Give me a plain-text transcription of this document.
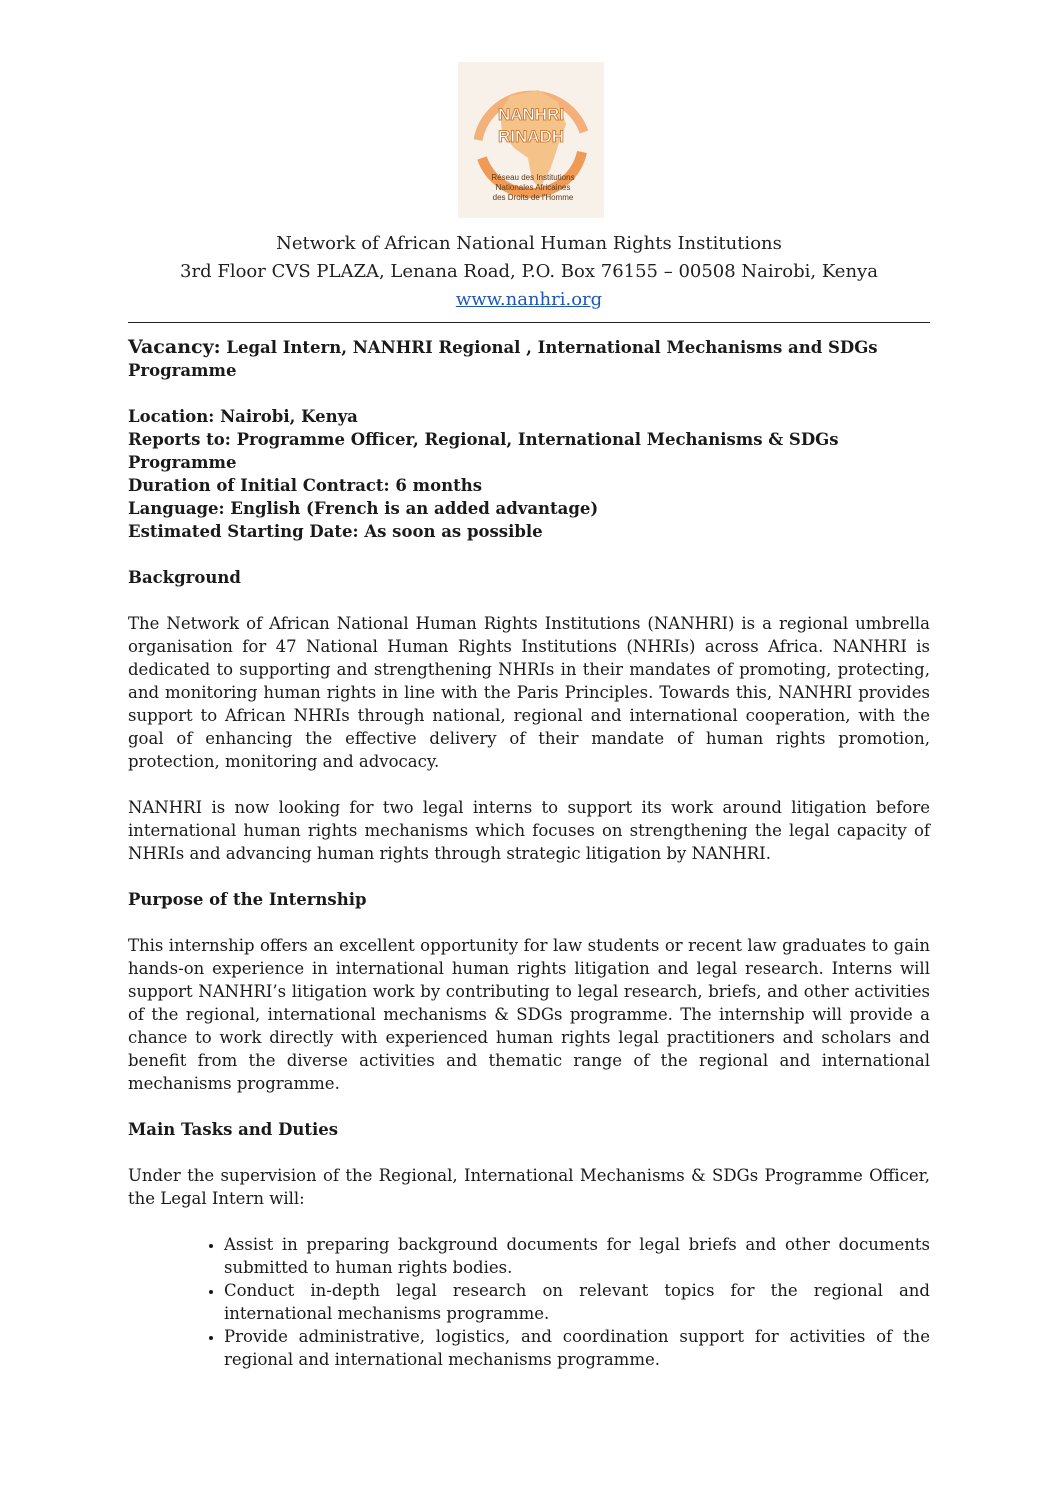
NANHRI
RINADH
Réseau des Institutions
Nationales Africaines
des Droits de l'Homme
Network of African National Human Rights Institutions
3rd Floor CVS PLAZA, Lenana Road, P.O. Box 76155 – 00508 Nairobi, Kenya
www.nanhri.org
Vacancy: Legal Intern, NANHRI Regional , International Mechanisms and SDGs Programme
Location: Nairobi, Kenya
Reports to: Programme Officer, Regional, International Mechanisms & SDGs Programme
Duration of Initial Contract: 6 months
Language: English (French is an added advantage)
Estimated Starting Date: As soon as possible
Background

The Network of African National Human Rights Institutions (NANHRI) is a regional umbrella organisation for 47 National Human Rights Institutions (NHRIs) across Africa. NANHRI is dedicated to supporting and strengthening NHRIs in their mandates of promoting, protecting, and monitoring human rights in line with the Paris Principles. Towards this, NANHRI provides support to African NHRIs through national, regional and international cooperation, with the goal of enhancing the effective delivery of their mandate of human rights promotion, protection, monitoring and advocacy.

NANHRI is now looking for two legal interns to support its work around litigation before international human rights mechanisms which focuses on strengthening the legal capacity of NHRIs and advancing human rights through strategic litigation by NANHRI.

Purpose of the Internship

This internship offers an excellent opportunity for law students or recent law graduates to gain hands-on experience in international human rights litigation and legal research. Interns will support NANHRI’s litigation work by contributing to legal research, briefs, and other activities of the regional, international mechanisms & SDGs programme. The internship will provide a chance to work directly with experienced human rights legal practitioners and scholars and benefit from the diverse activities and thematic range of the regional and international mechanisms programme.

Main Tasks and Duties

Under the supervision of the Regional, International Mechanisms & SDGs Programme Officer, the Legal Intern will:

• Assist in preparing background documents for legal briefs and other documents submitted to human rights bodies.
• Conduct in-depth legal research on relevant topics for the regional and international mechanisms programme.
• Provide administrative, logistics, and coordination support for activities of the regional and international mechanisms programme.
